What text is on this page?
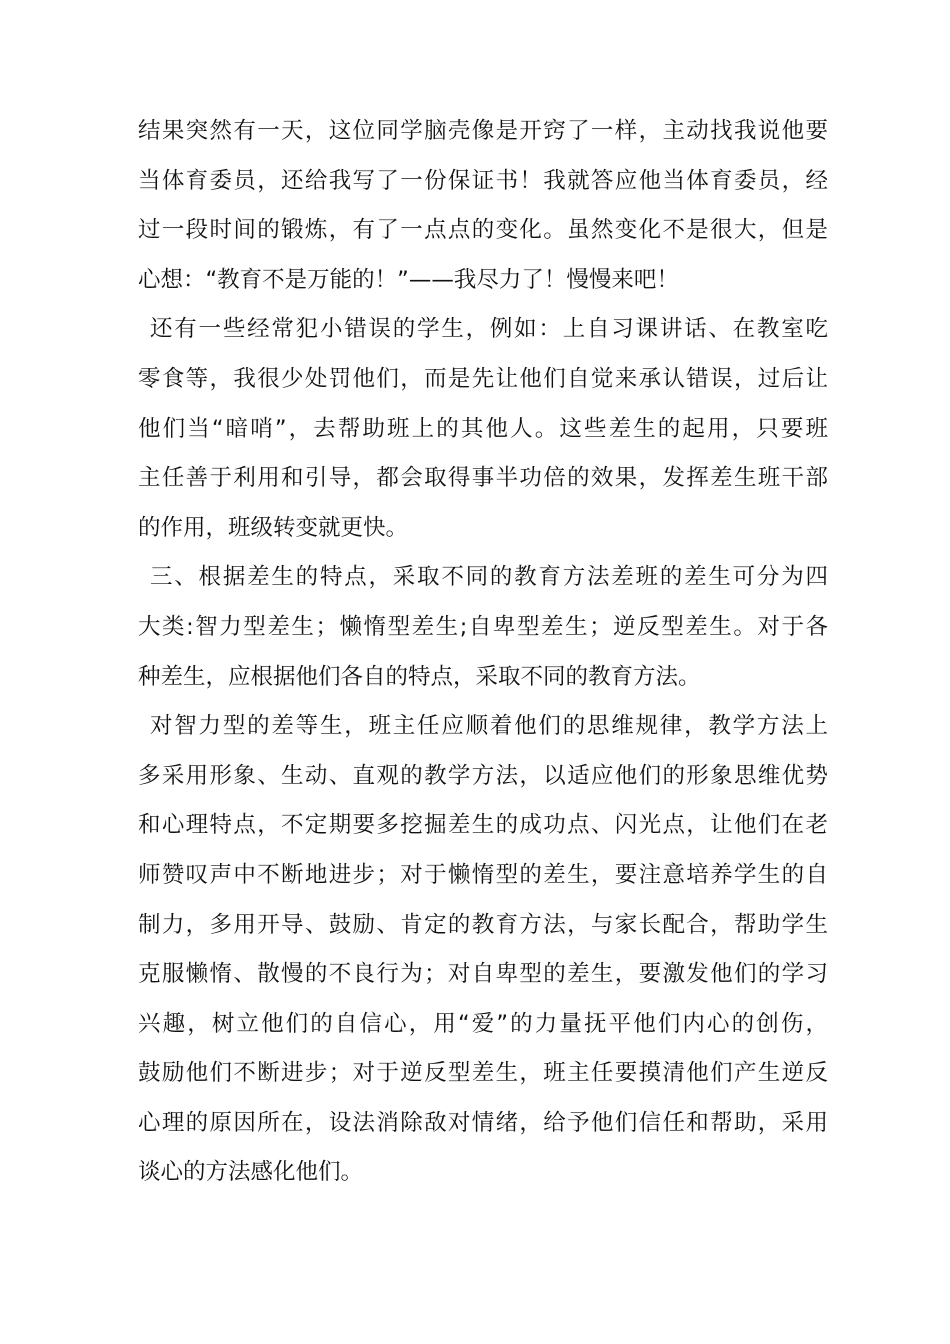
结果突然有一天，这位同学脑壳像是开窍了一样，主动找我说他要
当体育委员，还给我写了一份保证书！我就答应他当体育委员，经
过一段时间的锻炼，有了一点点的变化。虽然变化不是很大，但是
心想：“教育不是万能的！”——我尽力了！慢慢来吧！
还有一些经常犯小错误的学生，例如：上自习课讲话、在教室吃
零食等，我很少处罚他们，而是先让他们自觉来承认错误，过后让
他们当“暗哨”，去帮助班上的其他人。这些差生的起用，只要班
主任善于利用和引导，都会取得事半功倍的效果，发挥差生班干部
的作用，班级转变就更快。
三、根据差生的特点，采取不同的教育方法差班的差生可分为四
大类:智力型差生；懒惰型差生;自卑型差生；逆反型差生。对于各
种差生，应根据他们各自的特点，采取不同的教育方法。
对智力型的差等生，班主任应顺着他们的思维规律，教学方法上
多采用形象、生动、直观的教学方法，以适应他们的形象思维优势
和心理特点，不定期要多挖掘差生的成功点、闪光点，让他们在老
师赞叹声中不断地进步；对于懒惰型的差生，要注意培养学生的自
制力，多用开导、鼓励、肯定的教育方法，与家长配合，帮助学生
克服懒惰、散慢的不良行为；对自卑型的差生，要激发他们的学习
兴趣，树立他们的自信心，用“爱”的力量抚平他们内心的创伤，
鼓励他们不断进步；对于逆反型差生，班主任要摸清他们产生逆反
心理的原因所在，设法消除敌对情绪，给予他们信任和帮助，采用
谈心的方法感化他们。
